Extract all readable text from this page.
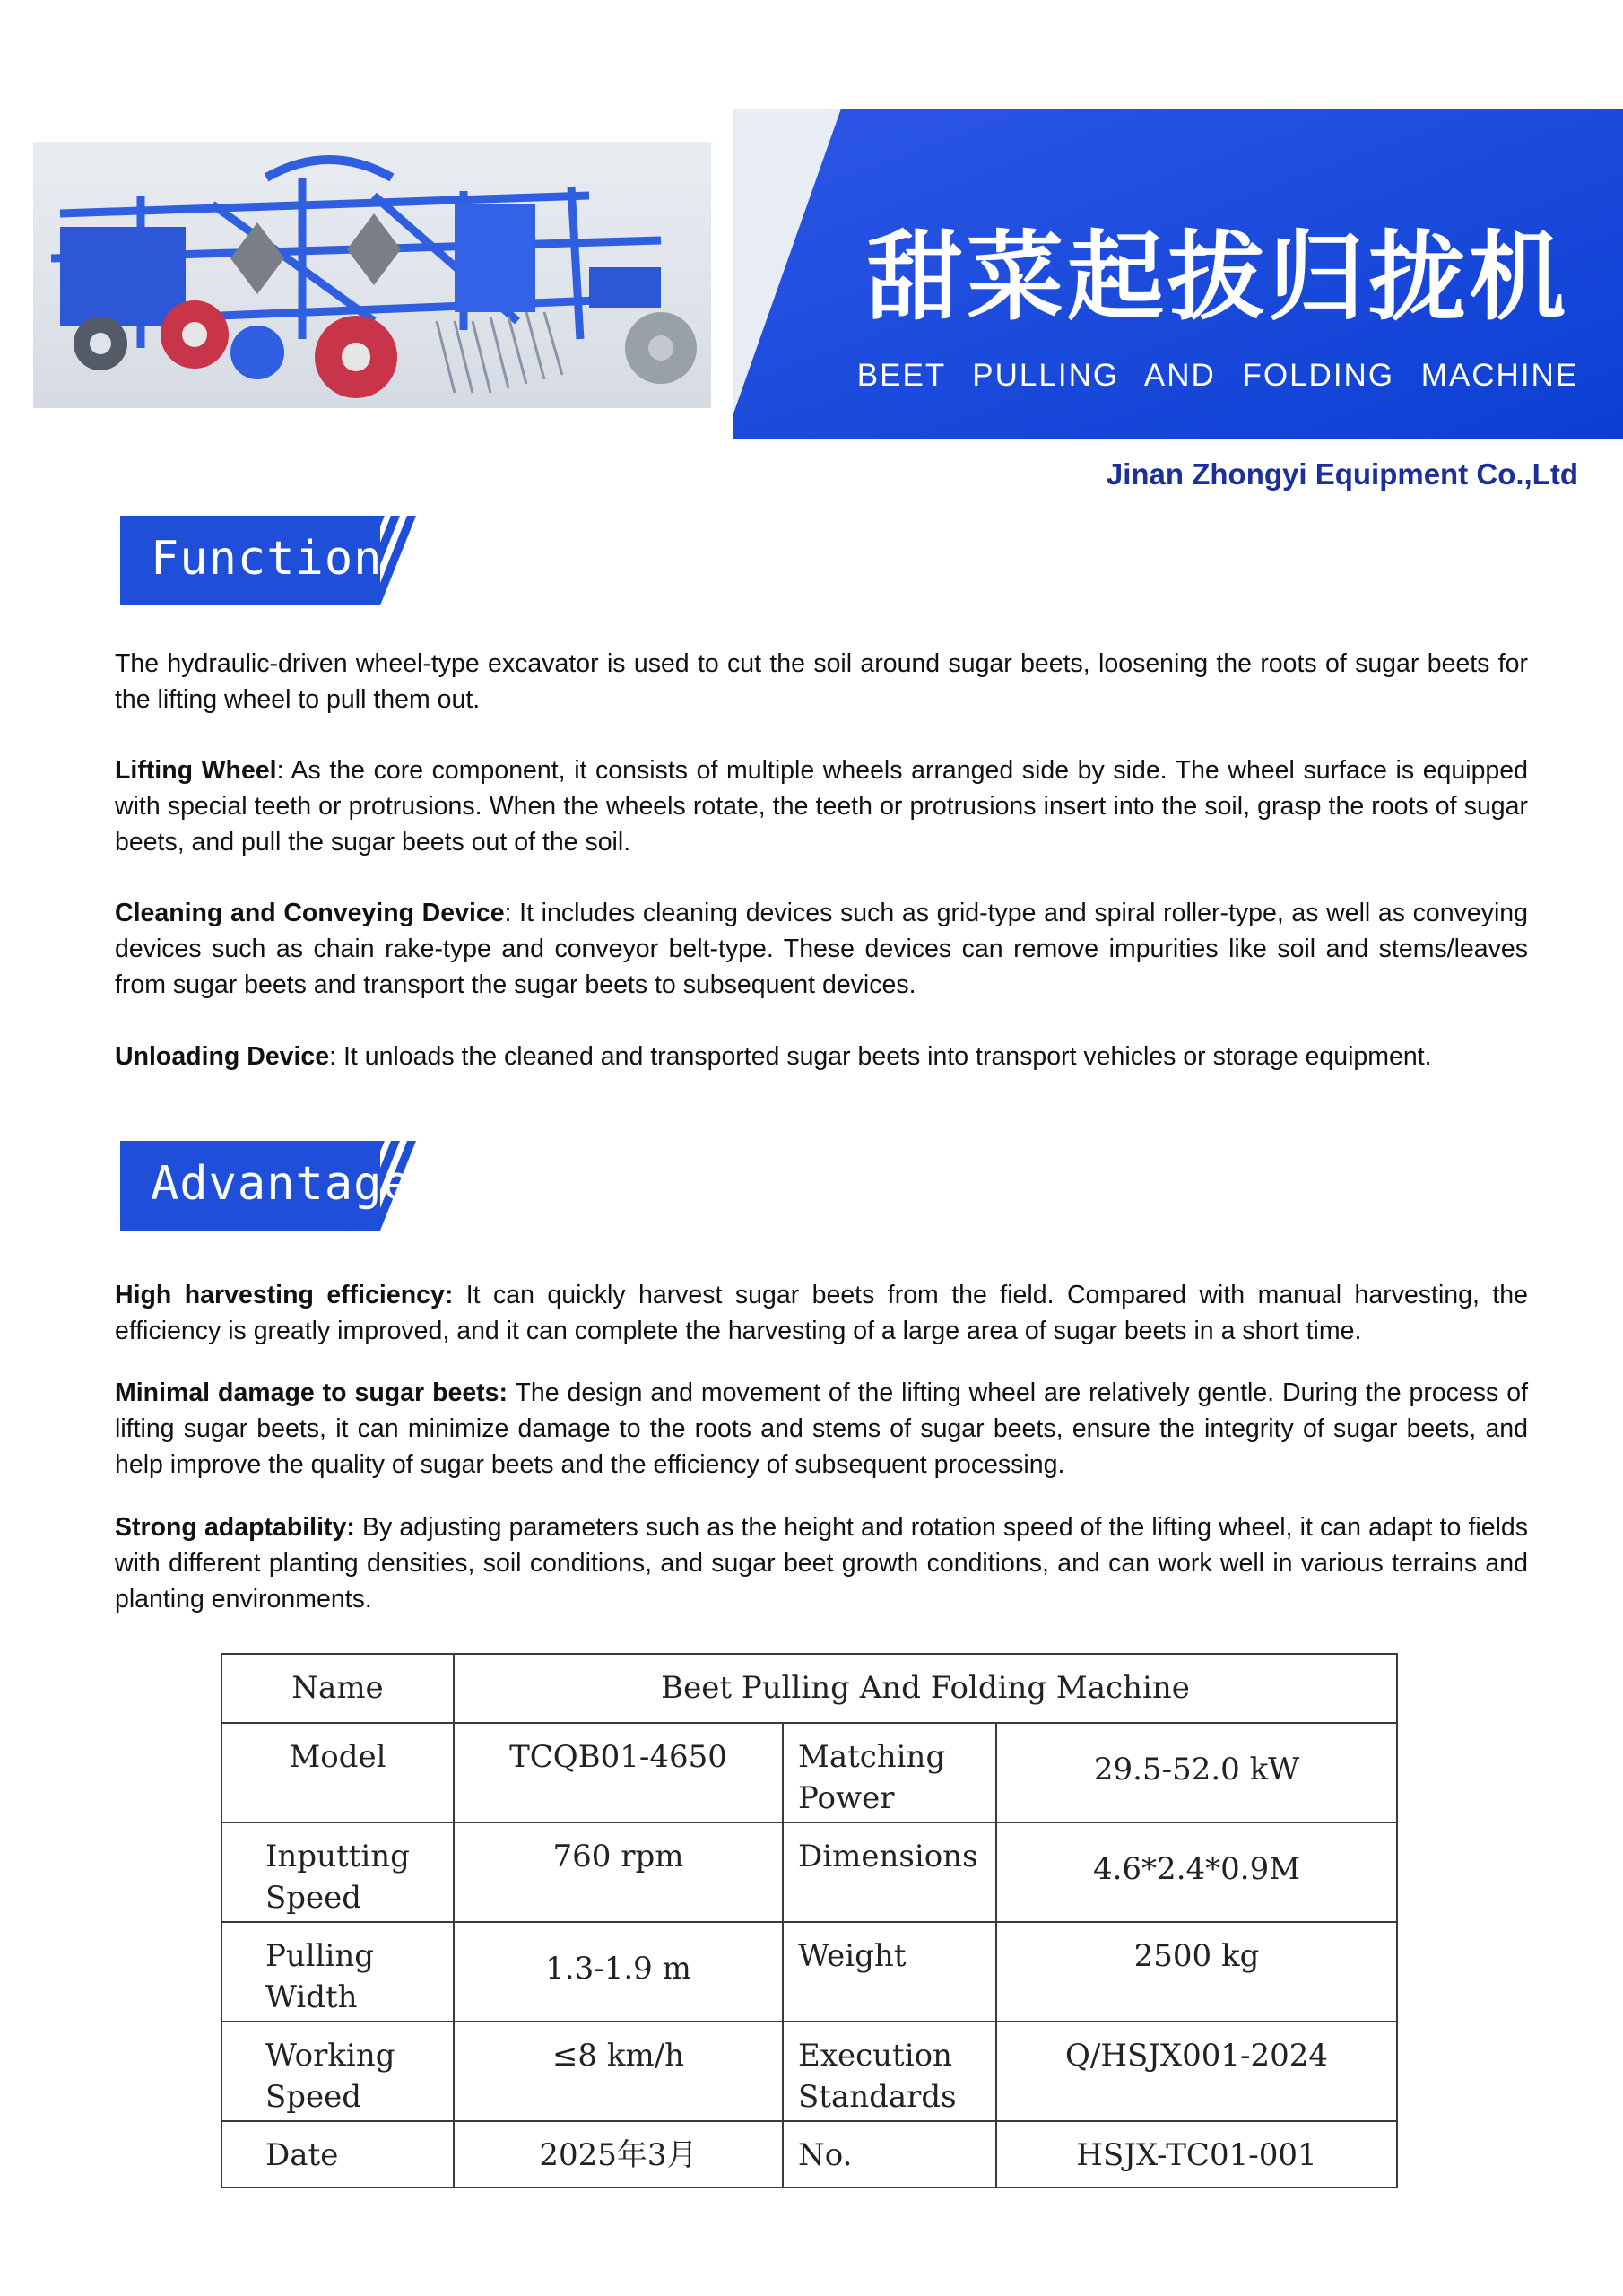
甜菜起拔归拢机
BEET PULLING AND FOLDING MACHINE
Jinan Zhongyi Equipment Co.,Ltd
Function
The hydraulic-driven wheel-type excavator is used to cut the soil around sugar beets, loosening the roots of sugar beets for the lifting wheel to pull them out.
Lifting Wheel: As the core component, it consists of multiple wheels arranged side by side. The wheel surface is equipped with special teeth or protrusions. When the wheels rotate, the teeth or protrusions insert into the soil, grasp the roots of sugar beets, and pull the sugar beets out of the soil.
Cleaning and Conveying Device: It includes cleaning devices such as grid-type and spiral roller-type, as well as conveying devices such as chain rake-type and conveyor belt-type. These devices can remove impurities like soil and stems/leaves from sugar beets and transport the sugar beets to subsequent devices.
Unloading Device: It unloads the cleaned and transported sugar beets into transport vehicles or storage equipment.
Advantage
High harvesting efficiency: It can quickly harvest sugar beets from the field. Compared with manual harvesting, the efficiency is greatly improved, and it can complete the harvesting of a large area of sugar beets in a short time.
Minimal damage to sugar beets: The design and movement of the lifting wheel are relatively gentle. During the process of lifting sugar beets, it can minimize damage to the roots and stems of sugar beets, ensure the integrity of sugar beets, and help improve the quality of sugar beets and the efficiency of subsequent processing.
Strong adaptability: By adjusting parameters such as the height and rotation speed of the lifting wheel, it can adapt to fields with different planting densities, soil conditions, and sugar beet growth conditions, and can work well in various terrains and planting environments.
Name	Beet Pulling And Folding Machine		
Model	TCQB01-4650	Matching Power	29.5-52.0 kW
Inputting Speed	760 rpm	Dimensions	4.6*2.4*0.9M
Pulling Width	1.3-1.9 m	Weight	2500 kg
Working Speed	≤8 km/h	Execution Standards	Q/HSJX001-2024
Date	2025年3月	No.	HSJX-TC01-001
